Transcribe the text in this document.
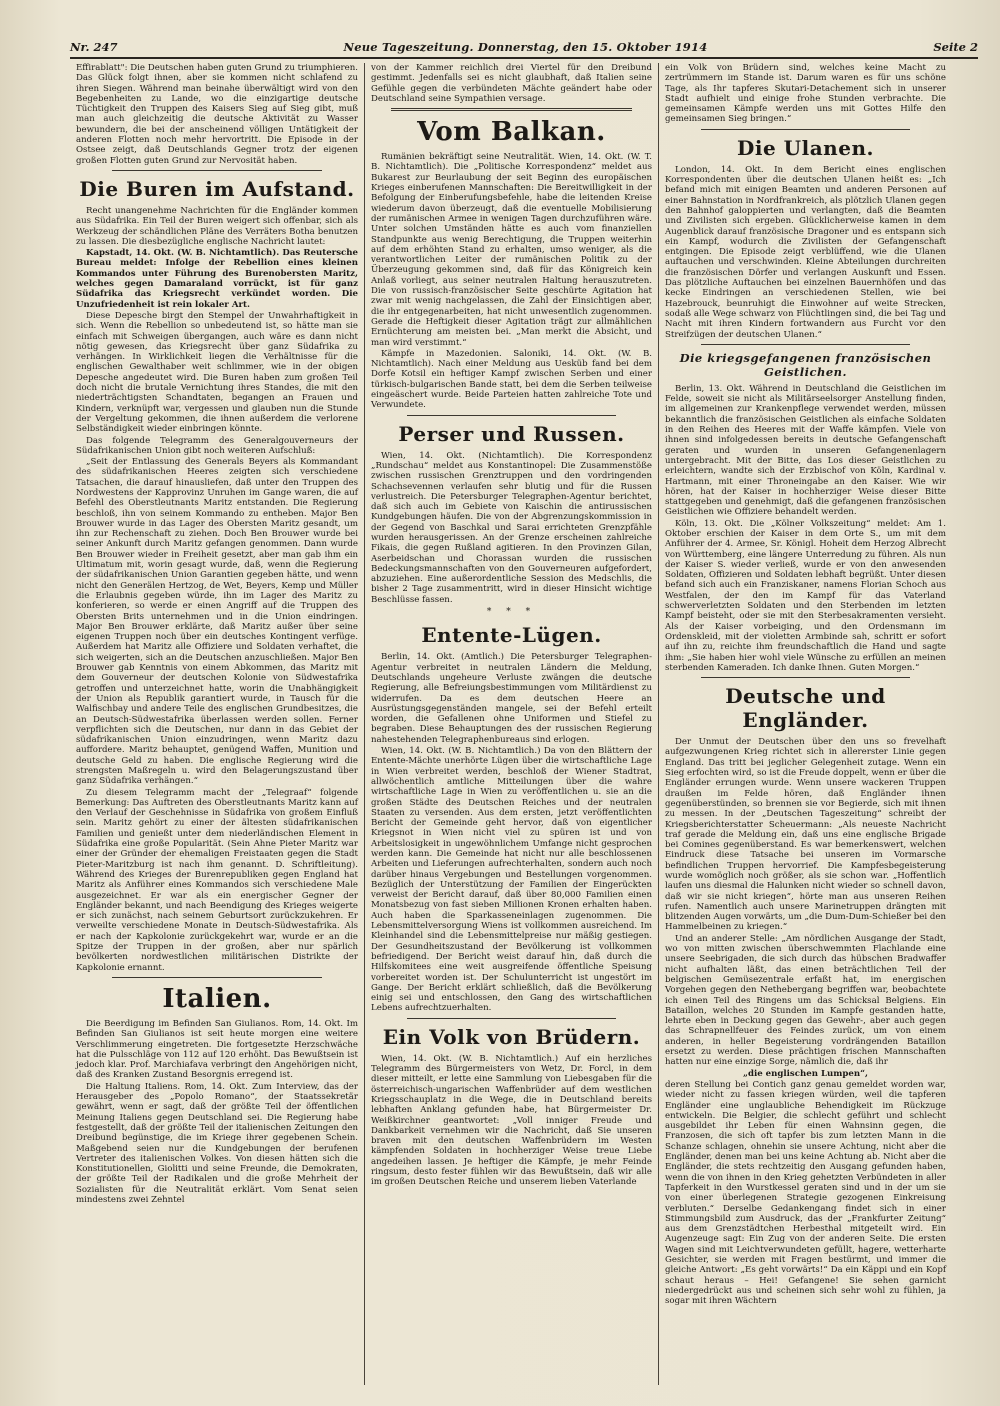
Nr. 247	Neue Tageszeitung. Donnerstag, den 15. Oktober 1914	Seite 2

Effirablatt": Die Deutschen haben guten Grund zu triumphieren. Das Glück folgt ihnen, aber sie kommen nicht schlafend zu ihren Siegen. Während man beinahe überwältigt wird von den Begebenheiten zu Lande, wo die einzigartige deutsche Tüchtigkeit den Truppen des Kaisers Sieg auf Sieg gibt, muß man auch gleichzeitig die deutsche Aktivität zu Wasser bewundern, die bei der anscheinend völligen Untätigkeit der anderen Flotten noch mehr hervortritt. Die Episode in der Ostsee zeigt, daß Deutschlands Gegner trotz der eigenen großen Flotten guten Grund zur Nervosität haben.

Die Buren im Aufstand.

Recht unangenehme Nachrichten für die Engländer kommen aus Südafrika. Ein Teil der Buren weigert sich offenbar, sich als Werkzeug der schändlichen Pläne des Verräters Botha benutzen zu lassen. Die diesbezügliche englische Nachricht lautet:

Kapstadt, 14. Okt. (W. B. Nichtamtlich). Das Reutersche Bureau meldet: Infolge der Rebellion eines kleinen Kommandos unter Führung des Burenobersten Maritz, welches gegen Damaraland vorrückt, ist für ganz Südafrika das Kriegsrecht verkündet worden. Die Unzufriedenheit ist rein lokaler Art.

Diese Depesche birgt den Stempel der Unwahrhaftigkeit in sich. Wenn die Rebellion so unbedeutend ist, so hätte man sie einfach mit Schweigen übergangen, auch wäre es dann nicht nötig gewesen, das Kriegsrecht über ganz Südafrika zu verhängen. In Wirklichkeit liegen die Verhältnisse für die englischen Gewalthaber weit schlimmer, wie in der obigen Depesche angedeutet wird. Die Buren haben zum großen Teil doch nicht die brutale Vernichtung ihres Standes, die mit den niederträchtigsten Schandtaten, begangen an Frauen und Kindern, verknüpft war, vergessen und glauben nun die Stunde der Vergeltung gekommen, die ihnen außerdem die verlorene Selbständigkeit wieder einbringen könnte.

Das folgende Telegramm des Generalgouverneurs der Südafrikanischen Union gibt noch weiteren Aufschluß:

„Seit der Entlassung des Generals Beyers als Kommandant des südafrikanischen Heeres zeigten sich verschiedene Tatsachen, die darauf hinausliefen, daß unter den Truppen des Nordwestens der Kapprovinz Unruhen im Gange waren, die auf Befehl des Oberstleutnants Maritz entstanden. Die Regierung beschloß, ihn von seinem Kommando zu entheben. Major Ben Brouwer wurde in das Lager des Obersten Maritz gesandt, um ihn zur Rechenschaft zu ziehen. Doch Ben Brouwer wurde bei seiner Ankunft durch Maritz gefangen genommen. Dann wurde Ben Brouwer wieder in Freiheit gesetzt, aber man gab ihm ein Ultimatum mit, worin gesagt wurde, daß, wenn die Regierung der südafrikanischen Union Garantien gegeben hätte, und wenn nicht den Generälen Hertzog, de Wet, Beyers, Kemp und Müller die Erlaubnis gegeben würde, ihn im Lager des Maritz zu konferieren, so werde er einen Angriff auf die Truppen des Obersten Brits unternehmen und in die Union eindringen. Major Ben Brouwer erklärte, daß Maritz außer über seine eigenen Truppen noch über ein deutsches Kontingent verfüge. Außerdem hat Maritz alle Offiziere und Soldaten verhaftet, die sich weigerten, sich an die Deutschen anzuschließen. Major Ben Brouwer gab Kenntnis von einem Abkommen, das Maritz mit dem Gouverneur der deutschen Kolonie von Südwestafrika getroffen und unterzeichnet hatte, worin die Unabhängigkeit der Union als Republik garantiert wurde, in Tausch für die Walfischbay und andere Teile des englischen Grundbesitzes, die an Deutsch-Südwestafrika überlassen werden sollen. Ferner verpflichten sich die Deutschen, nur dann in das Gebiet der südafrikanischen Union einzudringen, wenn Maritz dazu auffordere. Maritz behauptet, genügend Waffen, Munition und deutsche Geld zu haben. Die englische Regierung wird die strengsten Maßregeln u. wird den Belagerungszustand über ganz Südafrika verhängen.“

Zu diesem Telegramm macht der „Telegraaf“ folgende Bemerkung: Das Auftreten des Oberstleutnants Maritz kann auf den Verlauf der Geschehnisse in Südafrika von großem Einfluß sein. Maritz gehört zu einer der ältesten südafrikanischen Familien und genießt unter dem niederländischen Element in Südafrika eine große Popularität. (Sein Ahne Pieter Maritz war einer der Gründer der ehemaligen Freistaaten gegen die Stadt Pieter-Maritzburg ist nach ihm genannt. D. Schriftleitung). Während des Krieges der Burenrepubliken gegen England hat Maritz als Anführer eines Kommandos sich verschiedene Male ausgezeichnet. Er war als ein energischer Gegner der Engländer bekannt, und nach Beendigung des Krieges weigerte er sich zunächst, nach seinem Geburtsort zurückzukehren. Er verweilte verschiedene Monate in Deutsch-Südwestafrika. Als er nach der Kapkolonie zurückgekehrt war, wurde er an die Spitze der Truppen in der großen, aber nur spärlich bevölkerten nordwestlichen militärischen Distrikte der Kapkolonie ernannt.

Italien.

Die Beerdigung im Befinden San Giulianos. Rom, 14. Okt. Im Befinden San Giulianos ist seit heute morgen eine weitere Verschlimmerung eingetreten. Die fortgesetzte Herzschwäche hat die Pulsschläge von 112 auf 120 erhöht. Das Bewußtsein ist jedoch klar. Prof. Marchiafava verbringt den Angehörigen nicht, daß des Kranken Zustand Besorgnis erregend ist.

Die Haltung Italiens. Rom, 14. Okt. Zum Interview, das der Herausgeber des „Popolo Romano“, der Staatssekretär gewährt, wenn er sagt, daß der größte Teil der öffentlichen Meinung Italiens gegen Deutschland sei. Die Regierung habe festgestellt, daß der größte Teil der italienischen Zeitungen den Dreibund begünstige, die im Kriege ihrer gegebenen Schein. Maßgebend seien nur die Kundgebungen der berufenen Vertreter des italienischen Volkes. Von diesen hätten sich die Konstitutionellen, Giolitti und seine Freunde, die Demokraten, der größte Teil der Radikalen und die große Mehrheit der Sozialisten für die Neutralität erklärt. Vom Senat seien mindestens zwei Zehntel

von der Kammer reichlich drei Viertel für den Dreibund gestimmt. Jedenfalls sei es nicht glaubhaft, daß Italien seine Gefühle gegen die verbündeten Mächte geändert habe oder Deutschland seine Sympathien versage.

Vom Balkan.

Rumänien bekräftigt seine Neutralität. Wien, 14. Okt. (W. T. B. Nichtamtlich). Die „Politische Korrespondenz“ meldet aus Bukarest zur Beurlaubung der seit Beginn des europäischen Krieges einberufenen Mannschaften: Die Bereitwilligkeit in der Befolgung der Einberufungsbefehle, habe die leitenden Kreise wiederum davon überzeugt, daß die eventuelle Mobilisierung der rumänischen Armee in wenigen Tagen durchzuführen wäre. Unter solchen Umständen hätte es auch vom finanziellen Standpunkte aus wenig Berechtigung, die Truppen weiterhin auf dem erhöhten Stand zu erhalten, umso weniger, als die verantwortlichen Leiter der rumänischen Politik zu der Überzeugung gekommen sind, daß für das Königreich kein Anlaß vorliegt, aus seiner neutralen Haltung herauszutreten. Die von russisch-französischer Seite geschürte Agitation hat zwar mit wenig nachgelassen, die Zahl der Einsichtigen aber, die ihr entgegenarbeiten, hat nicht unwesentlich zugenommen. Gerade die Heftigkeit dieser Agitation trägt zur allmählichen Ernüchterung am meisten bei. „Man merkt die Absicht, und man wird verstimmt.“

Kämpfe in Mazedonien. Saloniki, 14. Okt. (W. B. Nichtamtlich). Nach einer Meldung aus Uesküb fand bei dem Dorfe Kotsil ein heftiger Kampf zwischen Serben und einer türkisch-bulgarischen Bande statt, bei dem die Serben teilweise eingeäschert wurde. Beide Parteien hatten zahlreiche Tote und Verwundete.

Perser und Russen.

Wien, 14. Okt. (Nichtamtlich). Die Korrespondenz „Rundschau“ meldet aus Konstantinopel: Die Zusammenstöße zwischen russischen Grenztruppen und den vordringenden Schachsevennen verlaufen sehr blutig und für die Russen verlustreich. Die Petersburger Telegraphen-Agentur berichtet, daß sich auch im Gebiete von Kaischin die antirussischen Kundgebungen häufen. Die von der Abgrenzungskommission in der Gegend von Baschkal und Sarai errichteten Grenzpfähle wurden herausgerissen. An der Grenze erscheinen zahlreiche Fikais, die gegen Rußland agitieren. In den Provinzen Gilan, Aserbeidschan und Chorassan wurden die russischen Bedeckungsmannschaften von den Gouverneuren aufgefordert, abzuziehen. Eine außerordentliche Session des Medschlis, die bisher 2 Tage zusammentritt, wird in dieser Hinsicht wichtige Beschlüsse fassen.

* * *
Entente-Lügen.

Berlin, 14. Okt. (Amtlich.) Die Petersburger Telegraphen-Agentur verbreitet in neutralen Ländern die Meldung, Deutschlands ungeheure Verluste zwängen die deutsche Regierung, alle Befreiungsbestimmungen vom Militärdienst zu widerrufen. Da es dem deutschen Heere an Ausrüstungsgegenständen mangele, sei der Befehl erteilt worden, die Gefallenen ohne Uniformen und Stiefel zu begraben. Diese Behauptungen des der russischen Regierung nahestehenden Telegraphenbureaus sind erlogen.

Wien, 14. Okt. (W. B. Nichtamtlich.) Da von den Blättern der Entente-Mächte unerhörte Lügen über die wirtschaftliche Lage in Wien verbreitet werden, beschloß der Wiener Stadtrat, allwöchentlich amtliche Mitteilungen über die wahre wirtschaftliche Lage in Wien zu veröffentlichen u. sie an die großen Städte des Deutschen Reiches und der neutralen Staaten zu versenden. Aus dem ersten, jetzt veröffentlichten Bericht der Gemeinde geht hervor, daß von eigentlicher Kriegsnot in Wien nicht viel zu spüren ist und von Arbeitslosigkeit in ungewöhnlichem Umfange nicht gesprochen werden kann. Die Gemeinde hat nicht nur alle beschlossenen Arbeiten und Lieferungen aufrechterhalten, sondern auch noch darüber hinaus Vergebungen und Bestellungen vorgenommen. Bezüglich der Unterstützung der Familien der Eingerückten verweist der Bericht darauf, daß über 80,000 Familien einen Monatsbezug von fast sieben Millionen Kronen erhalten haben. Auch haben die Sparkasseneinlagen zugenommen. Die Lebensmittelversorgung Wiens ist vollkommen ausreichend. Im Kleinhandel sind die Lebensmittelpreise nur mäßig gestiegen. Der Gesundheitszustand der Bevölkerung ist vollkommen befriedigend. Der Bericht weist darauf hin, daß durch die Hilfskomitees eine weit ausgreifende öffentliche Speisung vorbereitet worden ist. Der Schulunterricht ist ungestört im Gange. Der Bericht erklärt schließlich, daß die Bevölkerung einig sei und entschlossen, den Gang des wirtschaftlichen Lebens aufrechtzuerhalten.

Ein Volk von Brüdern.

Wien, 14. Okt. (W. B. Nichtamtlich.) Auf ein herzliches Telegramm des Bürgermeisters von Wetz, Dr. Forcl, in dem dieser mitteilt, er lette eine Sammlung von Liebesgaben für die österreichisch-ungarischen Waffenbrüder auf dem westlichen Kriegsschauplatz in die Wege, die in Deutschland bereits lebhaften Anklang gefunden habe, hat Bürgermeister Dr. Weißkirchner geantwortet: „Voll inniger Freude und Dankbarkeit vernehmen wir die Nachricht, daß Sie unseren braven mit den deutschen Waffenbrüdern im Westen kämpfenden Soldaten in hochherziger Weise treue Liebe angedeihen lassen. Je heftiger die Kämpfe, je mehr Feinde ringsum, desto fester fühlen wir das Bewußtsein, daß wir alle im großen Deutschen Reiche und unserem lieben Vaterlande

ein Volk von Brüdern sind, welches keine Macht zu zertrümmern im Stande ist. Darum waren es für uns schöne Tage, als Ihr tapferes Skutari-Detachement sich in unserer Stadt aufhielt und einige frohe Stunden verbrachte. Die gemeinsamen Kämpfe werden uns mit Gottes Hilfe den gemeinsamen Sieg bringen.“

Die Ulanen.

London, 14. Okt. In dem Bericht eines englischen Korrespondenten über die deutschen Ulanen heißt es: „Ich befand mich mit einigen Beamten und anderen Personen auf einer Bahnstation in Nordfrankreich, als plötzlich Ulanen gegen den Bahnhof galoppierten und verlangten, daß die Beamten und Zivilisten sich ergeben. Glücklicherweise kamen in dem Augenblick darauf französische Dragoner und es entspann sich ein Kampf, wodurch die Zivilisten der Gefangenschaft entgingen. Die Episode zeigt verblüffend, wie die Ulanen auftauchen und verschwinden. Kleine Abteilungen durchreiten die französischen Dörfer und verlangen Auskunft und Essen. Das plötzliche Auftauchen bei einzelnen Bauernhöfen und das kecke Eindringen an verschiedenen Stellen, wie bei Hazebrouck, beunruhigt die Einwohner auf weite Strecken, sodaß alle Wege schwarz von Flüchtlingen sind, die bei Tag und Nacht mit ihren Kindern fortwandern aus Furcht vor den Streifzügen der deutschen Ulanen.“

Die kriegsgefangenen französischen Geistlichen.

Berlin, 13. Okt. Während in Deutschland die Geistlichen im Felde, soweit sie nicht als Militärseelsorger Anstellung finden, im allgemeinen zur Krankenpflege verwendet werden, müssen bekanntlich die französischen Geistlichen als einfache Soldaten in den Reihen des Heeres mit der Waffe kämpfen. Viele von ihnen sind infolgedessen bereits in deutsche Gefangenschaft geraten und wurden in unseren Gefangenenlagern untergebracht. Mit der Bitte, das Los dieser Geistlichen zu erleichtern, wandte sich der Erzbischof von Köln, Kardinal v. Hartmann, mit einer Throneingabe an den Kaiser. Wie wir hören, hat der Kaiser in hochherziger Weise dieser Bitte stattgegeben und genehmigt, daß die gefangenen französischen Geistlichen wie Offiziere behandelt werden.

Köln, 13. Okt. Die „Kölner Volkszeitung“ meldet: Am 1. Oktober erschien der Kaiser in dem Orte S., um mit dem Anführer der 4. Armee, Sr. Königl. Hoheit dem Herzog Albrecht von Württemberg, eine längere Unterredung zu führen. Als nun der Kaiser S. wieder verließ, wurde er von den anwesenden Soldaten, Offizieren und Soldaten lebhaft begrüßt. Unter diesen befand sich auch ein Franziskaner, namens Florian Schoch aus Westfalen, der den im Kampf für das Vaterland schwerverletzten Soldaten und den Sterbenden im letzten Kampf beisteht, oder sie mit den Sterbesakramenten versieht. Als der Kaiser vorbeiging, und den Ordensmann im Ordenskleid, mit der violetten Armbinde sah, schritt er sofort auf ihn zu, reichte ihm freundschaftlich die Hand und sagte ihm: „Sie haben hier wohl viele Wünsche zu erfüllen an meinen sterbenden Kameraden. Ich danke Ihnen. Guten Morgen.“

Deutsche und Engländer.

Der Unmut der Deutschen über den uns so frevelhaft aufgezwungenen Krieg richtet sich in allererster Linie gegen England. Das tritt bei jeglicher Gelegenheit zutage. Wenn ein Sieg erfochten wird, so ist die Freude doppelt, wenn er über die Engländer errungen wurde. Wenn unsere wackeren Truppen draußen im Felde hören, daß Engländer ihnen gegenüberstünden, so brennen sie vor Begierde, sich mit ihnen zu messen. In der „Deutschen Tageszeitung“ schreibt der Kriegsberichterstatter Scheuermann: „Als neueste Nachricht traf gerade die Meldung ein, daß uns eine englische Brigade bei Comines gegenüberstand. Es war bemerkenswert, welchen Eindruck diese Tatsache bei unseren im Vormarsche befindlichen Truppen hervorrief. Die Kampfesbegeisterung wurde womöglich noch größer, als sie schon war. „Hoffentlich laufen uns diesmal die Halunken nicht wieder so schnell davon, daß wir sie nicht kriegen“, hörte man aus unseren Reihen rufen. Namentlich auch unsere Marinetruppen drängten mit blitzenden Augen vorwärts, um „die Dum-Dum-Schießer bei den Hammelbeinen zu kriegen.“

Und an anderer Stelle: „Am nördlichen Ausgange der Stadt, wo von mitten zwischen überschwemmten Flachlande eine unsere Seebrigaden, die sich durch das hübschen Bradwaffer nicht aufhalten läßt, das einen beträchtlichen Teil der belgischen Gemüsezentrale erfaßt hat, im energischen Vorgehen gegen den Nethebergang begriffen war, beobachtete ich einen Teil des Ringens um das Schicksal Belgiens. Ein Bataillon, welches 20 Stunden im Kampfe gestanden hatte, lehrte eben in Deckung gegen das Gewehr-, aber auch gegen das Schrapnellfeuer des Feindes zurück, um von einem anderen, in heller Begeisterung vordrängenden Bataillon ersetzt zu werden. Diese prächtigen frischen Mannschaften hatten nur eine einzige Sorge, nämlich die, daß ihr

„die englischen Lumpen“,

deren Stellung bei Contich ganz genau gemeldet worden war, wieder nicht zu fassen kriegen würden, weil die tapferen Engländer eine unglaubliche Behendigkeit im Rückzuge entwickeln. Die Belgier, die schlecht geführt und schlecht ausgebildet ihr Leben für einen Wahnsinn gegen, die Franzosen, die sich oft tapfer bis zum letzten Mann in die Schanze schlagen, ohnehin sie unsere Achtung, nicht aber die Engländer, denen man bei uns keine Achtung ab. Nicht aber die Engländer, die stets rechtzeitig den Ausgang gefunden haben, wenn die von ihnen in den Krieg gehetzten Verbündeten in aller Tapferkeit in den Wurstkessel geraten sind und in der um sie von einer überlegenen Strategie gezogenen Einkreisung verbluten.“ Derselbe Gedankengang findet sich in einer Stimmungsbild zum Ausdruck, das der „Frankfurter Zeitung“ aus dem Grenzstädtchen Herbesthal mitgeteilt wird. Ein Augenzeuge sagt: Ein Zug von der anderen Seite. Die ersten Wagen sind mit Leichtverwundeten gefüllt, hagere, wetterharte Gesichter, sie werden mit Fragen bestürmt, und immer die gleiche Antwort: „Es geht vorwärts!“ Da ein Käppi und ein Kopf schaut heraus – Hei! Gefangene! Sie sehen garnicht niedergedrückt aus und scheinen sich sehr wohl zu fühlen, ja sogar mit ihren Wächtern
